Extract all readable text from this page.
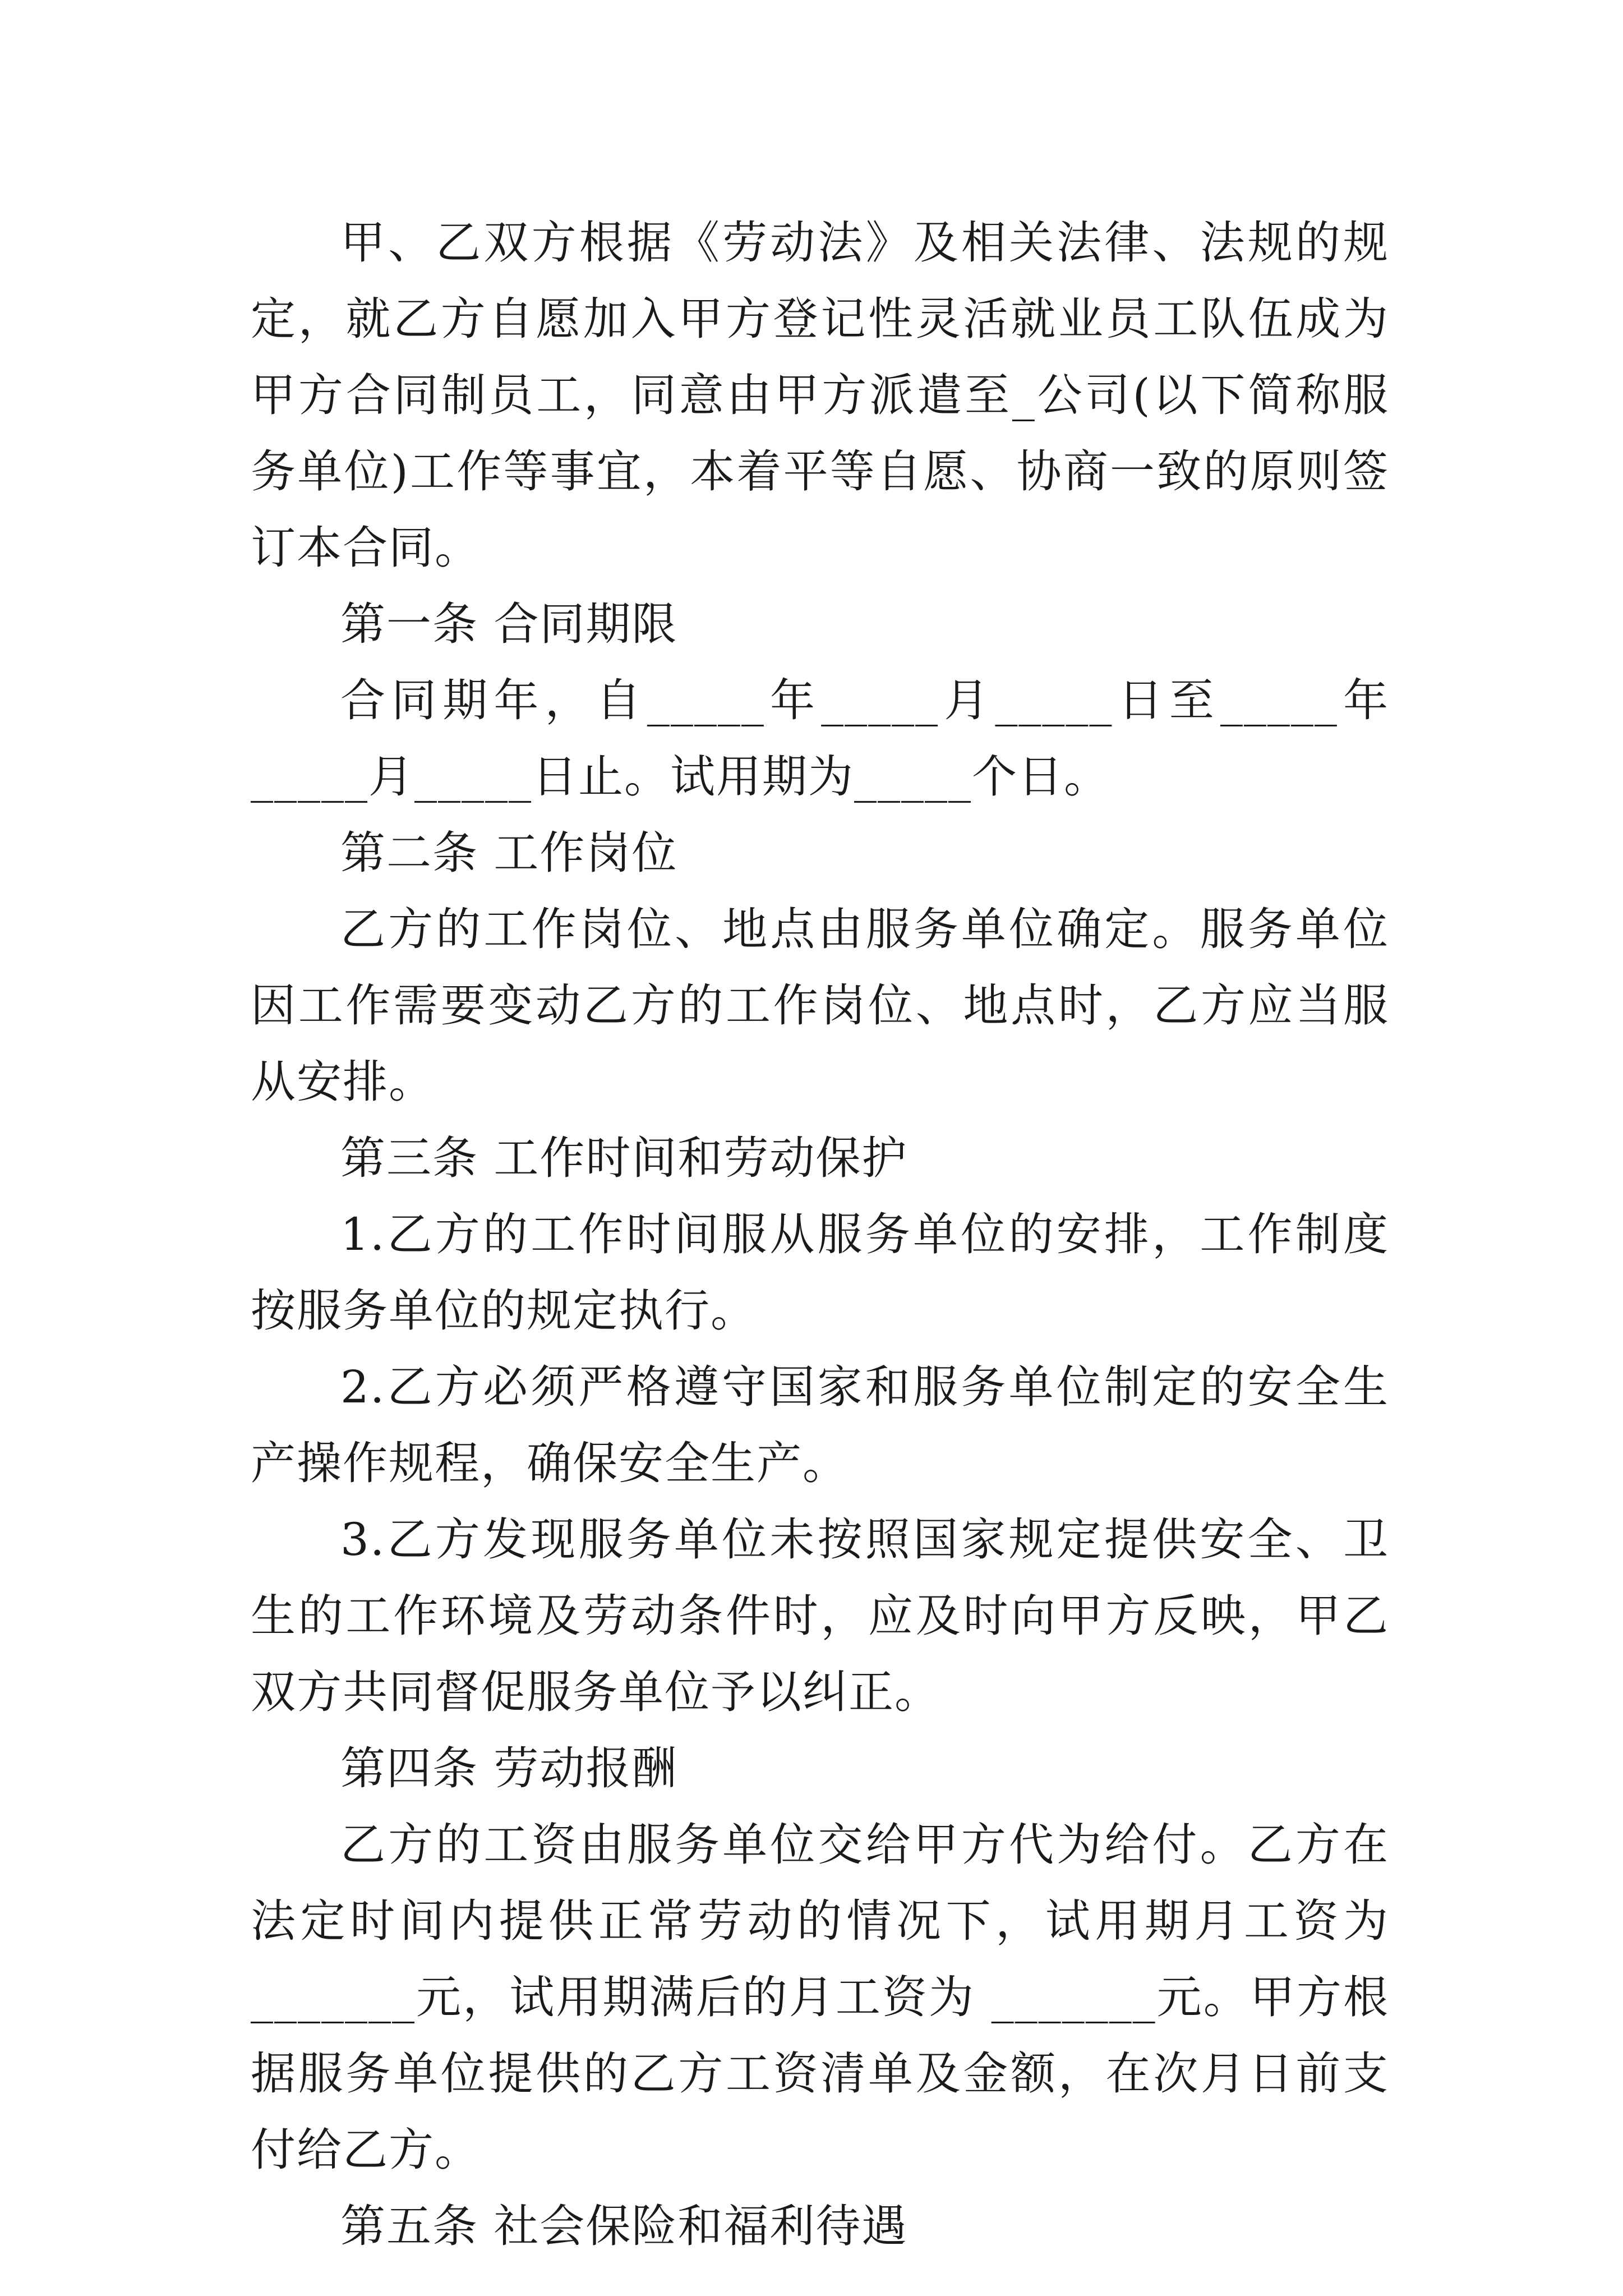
甲、乙双方根据《劳动法》及相关法律、法规的规定，就乙方自愿加入甲方登记性灵活就业员工队伍成为甲方合同制员工，同意由甲方派遣至_公司(以下简称服务单位)工作等事宜，本着平等自愿、协商一致的原则签订本合同。

第一条 合同期限

合同期年，自_____年_____月_____日至_____年_____月_____日止。试用期为_____个日。

第二条 工作岗位

乙方的工作岗位、地点由服务单位确定。服务单位因工作需要变动乙方的工作岗位、地点时，乙方应当服从安排。

第三条 工作时间和劳动保护

1.乙方的工作时间服从服务单位的安排，工作制度按服务单位的规定执行。

2.乙方必须严格遵守国家和服务单位制定的安全生产操作规程，确保安全生产。

3.乙方发现服务单位未按照国家规定提供安全、卫生的工作环境及劳动条件时，应及时向甲方反映，甲乙双方共同督促服务单位予以纠正。

第四条 劳动报酬

乙方的工资由服务单位交给甲方代为给付。乙方在法定时间内提供正常劳动的情况下，试用期月工资为_______元，试用期满后的月工资为 _______元。甲方根据服务单位提供的乙方工资清单及金额，在次月日前支付给乙方。

第五条 社会保险和福利待遇
